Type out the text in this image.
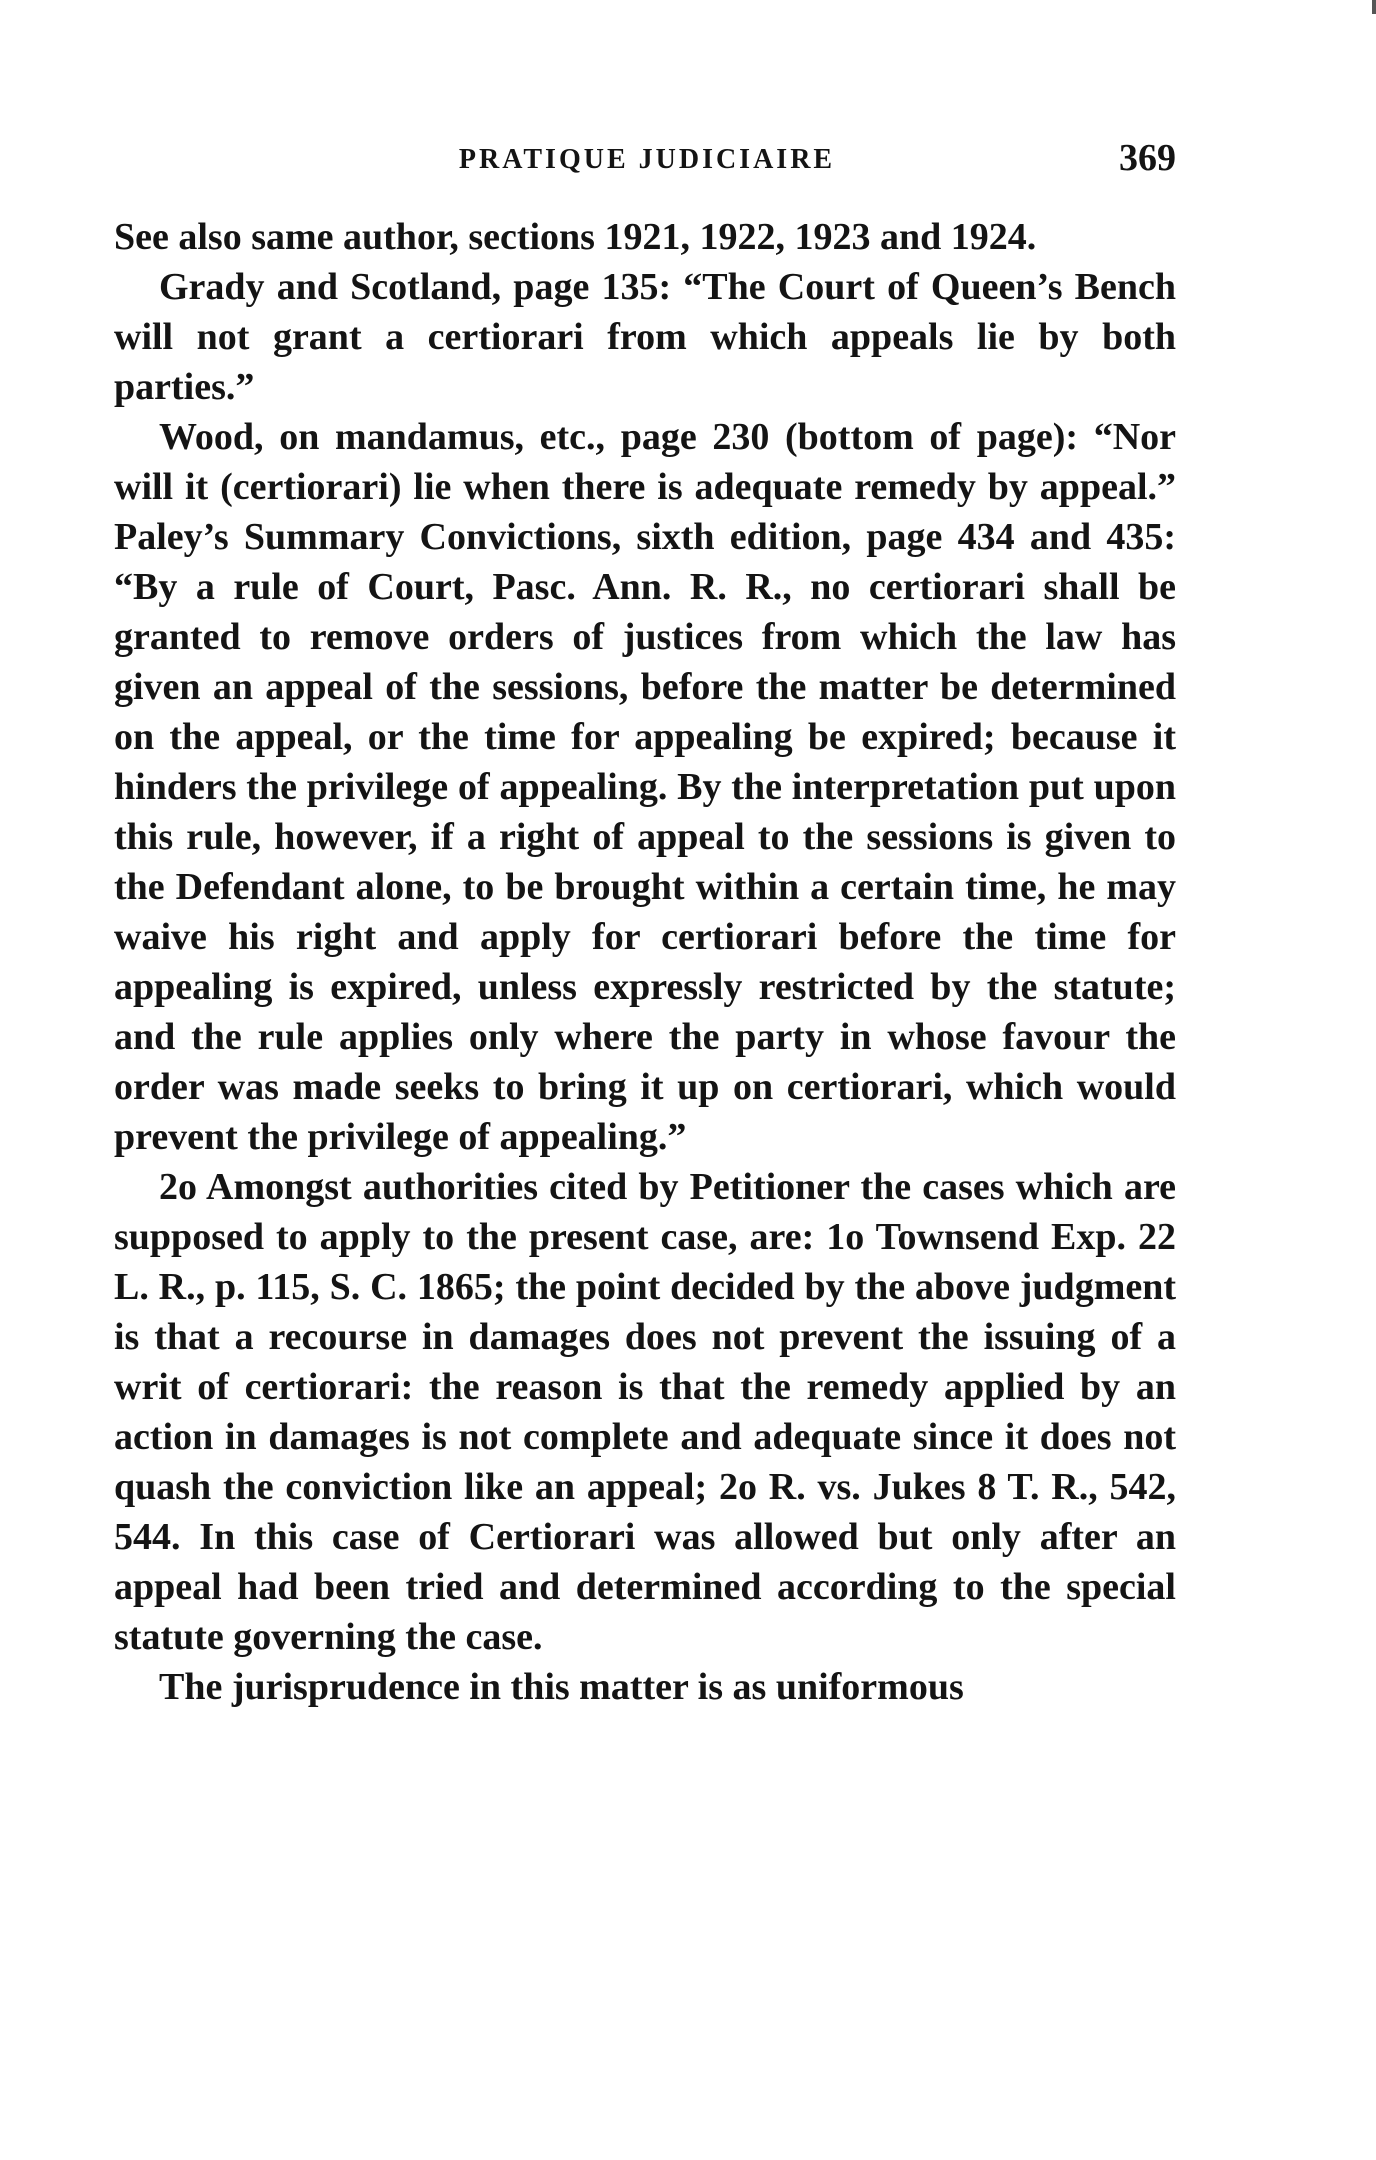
PRATIQUE JUDICIAIRE	369

See also same author, sections 1921, 1922, 1923 and 1924.

Grady and Scotland, page 135: “The Court of Queen’s Bench will not grant a certiorari from which appeals lie by both parties.”

Wood, on mandamus, etc., page 230 (bottom of page): “Nor will it (certiorari) lie when there is adequate remedy by appeal.” Paley’s Summary Convictions, sixth edition, page 434 and 435: “By a rule of Court, Pasc. Ann. R. R., no certiorari shall be granted to remove orders of justices from which the law has given an appeal of the sessions, before the matter be determined on the appeal, or the time for appealing be expired; because it hinders the privilege of appealing. By the interpretation put upon this rule, however, if a right of appeal to the sessions is given to the Defendant alone, to be brought within a certain time, he may waive his right and apply for certiorari before the time for appealing is expired, unless expressly restricted by the statute; and the rule applies only where the party in whose favour the order was made seeks to bring it up on certiorari, which would prevent the privilege of appealing.”

2o Amongst authorities cited by Petitioner the cases which are supposed to apply to the present case, are: 1o Townsend Exp. 22 L. R., p. 115, S. C. 1865; the point decided by the above judgment is that a recourse in damages does not prevent the issuing of a writ of certiorari: the reason is that the remedy applied by an action in damages is not complete and adequate since it does not quash the conviction like an appeal; 2o R. vs. Jukes 8 T. R., 542, 544. In this case of Certiorari was allowed but only after an appeal had been tried and determined according to the special statute governing the case.

The jurisprudence in this matter is as uniformous
